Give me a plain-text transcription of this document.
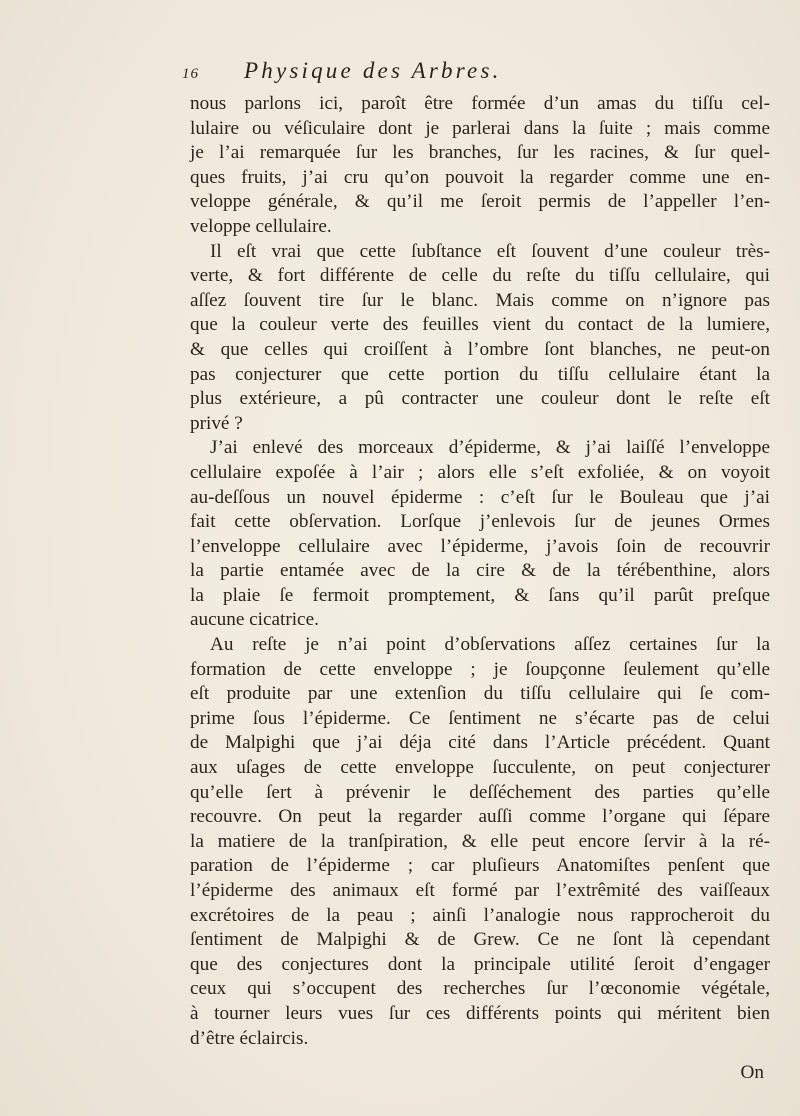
16 Physique des Arbres.
nous parlons ici, paroît être formée d’un amas du tiſſu cel-
lulaire ou véſiculaire dont je parlerai dans la ſuite ; mais comme
je l’ai remarquée ſur les branches, ſur les racines, & ſur quel-
ques fruits, j’ai cru qu’on pouvoit la regarder comme une en-
veloppe générale, & qu’il me ſeroit permis de l’appeller l’en-
veloppe cellulaire.
Il eſt vrai que cette ſubſtance eſt ſouvent d’une couleur très-
verte, & fort différente de celle du reſte du tiſſu cellulaire, qui
aſſez ſouvent tire ſur le blanc. Mais comme on n’ignore pas
que la couleur verte des feuilles vient du contact de la lumiere,
& que celles qui croiſſent à l’ombre ſont blanches, ne peut-on
pas conjecturer que cette portion du tiſſu cellulaire étant la
plus extérieure, a pû contracter une couleur dont le reſte eſt
privé ?
J’ai enlevé des morceaux d’épiderme, & j’ai laiſſé l’enveloppe
cellulaire expoſée à l’air ; alors elle s’eſt exfoliée, & on voyoit
au-deſſous un nouvel épiderme : c’eſt ſur le Bouleau que j’ai
fait cette obſervation. Lorſque j’enlevois ſur de jeunes Ormes
l’enveloppe cellulaire avec l’épiderme, j’avois ſoin de recouvrir
la partie entamée avec de la cire & de la térébenthine, alors
la plaie ſe fermoit promptement, & ſans qu’il parût preſque
aucune cicatrice.
Au reſte je n’ai point d’obſervations aſſez certaines ſur la
formation de cette enveloppe ; je ſoupçonne ſeulement qu’elle
eſt produite par une extenſion du tiſſu cellulaire qui ſe com-
prime ſous l’épiderme. Ce ſentiment ne s’écarte pas de celui
de Malpighi que j’ai déja cité dans l’Article précédent. Quant
aux uſages de cette enveloppe ſucculente, on peut conjecturer
qu’elle ſert à prévenir le deſſéchement des parties qu’elle
recouvre. On peut la regarder auſſi comme l’organe qui ſépare
la matiere de la tranſpiration, & elle peut encore ſervir à la ré-
paration de l’épiderme ; car pluſieurs Anatomiſtes penſent que
l’épiderme des animaux eſt formé par l’extrêmité des vaiſſeaux
excrétoires de la peau ; ainſi l’analogie nous rapprocheroit du
ſentiment de Malpighi & de Grew. Ce ne ſont là cependant
que des conjectures dont la principale utilité ſeroit d’engager
ceux qui s’occupent des recherches ſur l’œconomie végétale,
à tourner leurs vues ſur ces différents points qui méritent bien
d’être éclaircis.
On
